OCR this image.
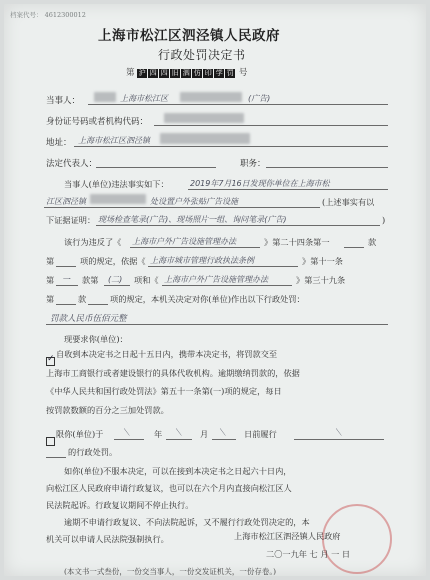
档案代号： 4612300012
上海市松江区泗泾镇人民政府
行政处罚决定书
第 沪 四 四 旧 泗 仿 印 学 罚 号
当事人：	上海市松江区	(广告)
身份证号码或者机构代码：
地址： 上海市松江区泗泾镇
法定代表人：	职务：
当事人(单位)违法事实如下：	2019年7月16日发现你单位在上海市松
江区泗泾镇	处设置户外张贴广告设施	(上述事实有以
下证据证明： 现场检查笔录(广告)、现场照片一组、询问笔录(广告)	)
该行为违反了《 上海市户外广告设施管理办法	》第二十四条第一	款
第	项的规定，依据《 上海市城市管理行政执法条例	》第十一条
第 一 款第 (二) 项和《 上海市户外广告设施管理办法	》第三十九条
第	款	项的规定，本机关决定对你(单位)作出以下行政处罚：
罚款人民币伍佰元整
现要求你(单位)：
✓
自收到本决定书之日起十五日内，携带本决定书，将罚款交至
上海市工商银行或者建设银行的具体代收机构。逾期缴纳罚款的，依据
《中华人民共和国行政处罚法》第五十一条第(一)项的规定，每日
按罚款数额的百分之三加处罚款。
限你(单位)于 ＼	年 ＼ 月 ＼ 日前履行	＼
的行政处罚。
如你(单位)不服本决定，可以在接到本决定书之日起六十日内，
向松江区人民政府申请行政复议，也可以在六个月内直接向松江区人
民法院起诉。行政复议期间不停止执行。
逾期不申请行政复议、不向法院起诉，又不履行行政处罚决定的，本
机关可以申请人民法院强制执行。	上海市松江区泗泾镇人民政府
二〇一九年 七 月 一 日
(本文书一式叁份，一份交当事人，一份交发证机关，一份存卷。)
